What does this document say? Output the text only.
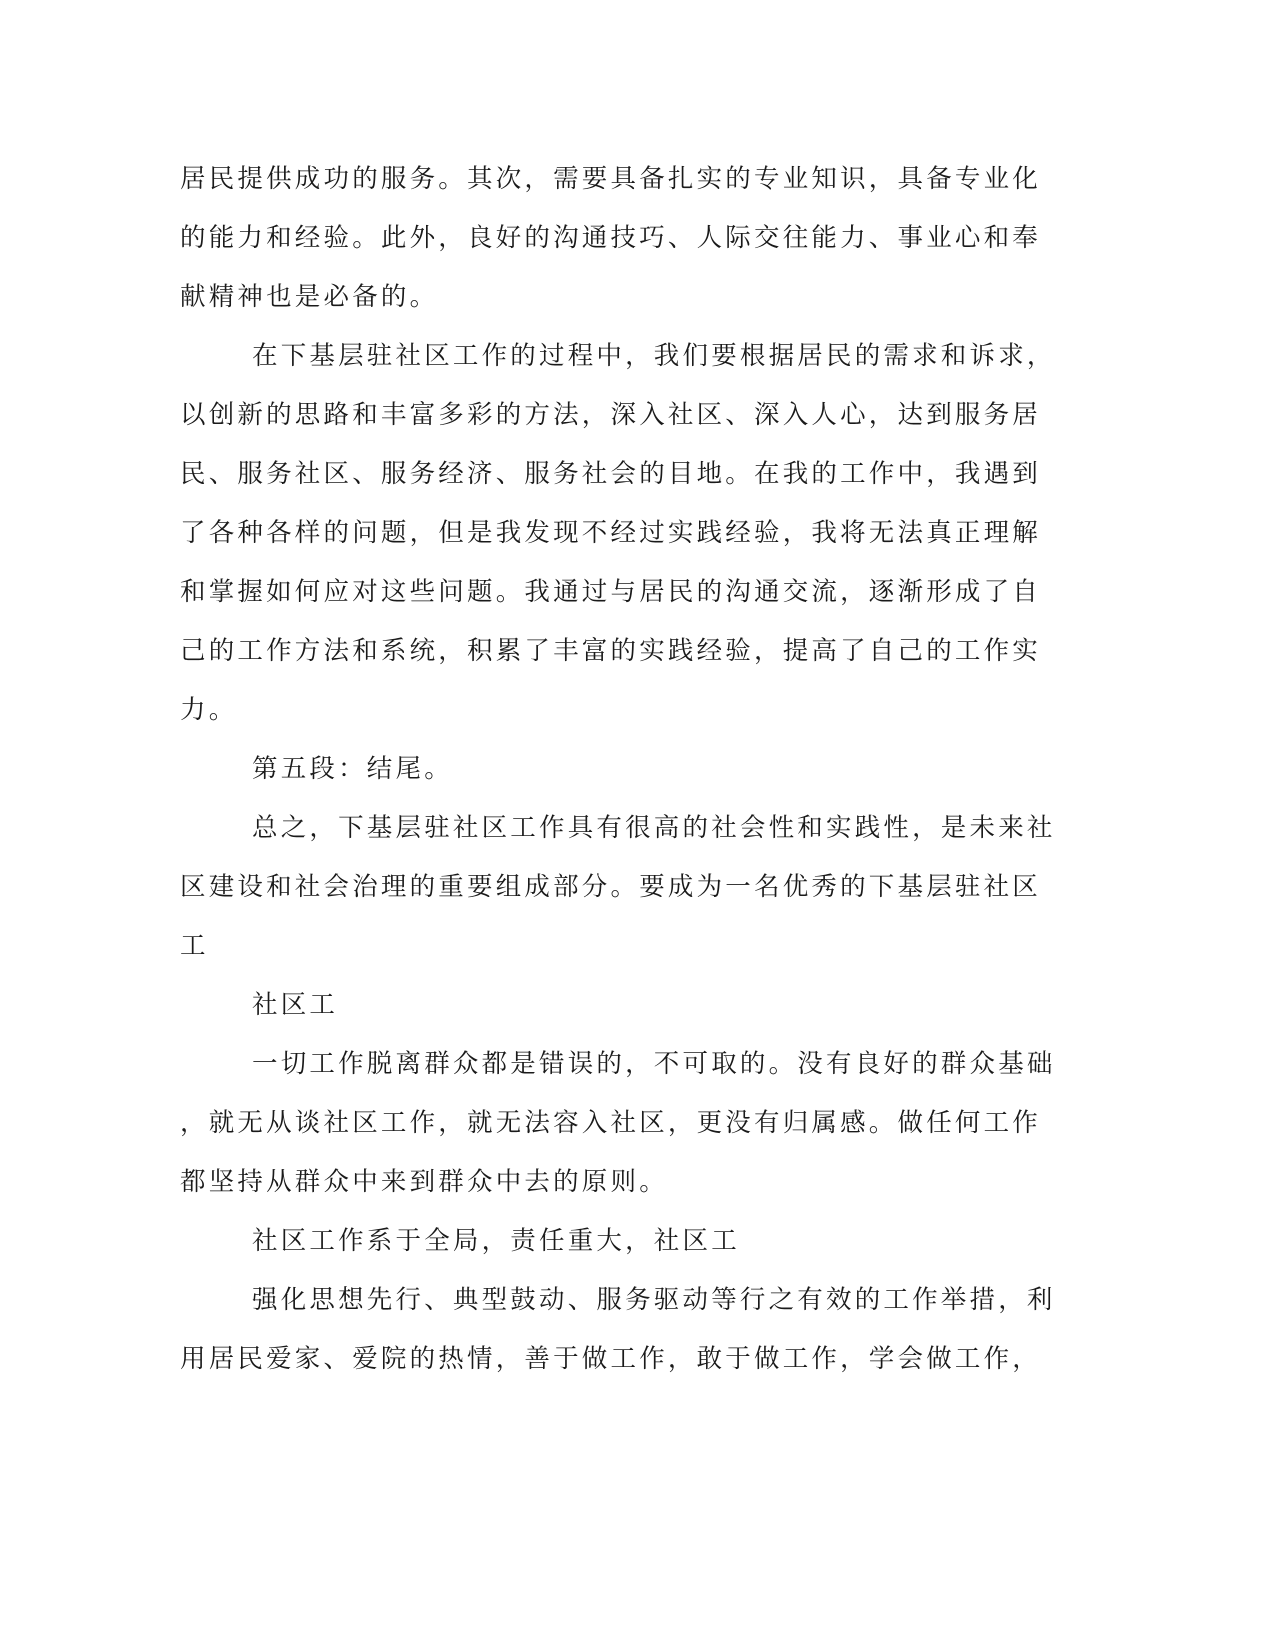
居民提供成功的服务。其次，需要具备扎实的专业知识，具备专业化
的能力和经验。此外，良好的沟通技巧、人际交往能力、事业心和奉
献精神也是必备的。
在下基层驻社区工作的过程中，我们要根据居民的需求和诉求，
以创新的思路和丰富多彩的方法，深入社区、深入人心，达到服务居
民、服务社区、服务经济、服务社会的目地。在我的工作中，我遇到
了各种各样的问题，但是我发现不经过实践经验，我将无法真正理解
和掌握如何应对这些问题。我通过与居民的沟通交流，逐渐形成了自
己的工作方法和系统，积累了丰富的实践经验，提高了自己的工作实
力。
第五段：结尾。
总之，下基层驻社区工作具有很高的社会性和实践性，是未来社
区建设和社会治理的重要组成部分。要成为一名优秀的下基层驻社区
工
社区工
一切工作脱离群众都是错误的，不可取的。没有良好的群众基础
，就无从谈社区工作，就无法容入社区，更没有归属感。做任何工作
都坚持从群众中来到群众中去的原则。
社区工作系于全局，责任重大，社区工
强化思想先行、典型鼓动、服务驱动等行之有效的工作举措，利
用居民爱家、爱院的热情，善于做工作，敢于做工作，学会做工作，
